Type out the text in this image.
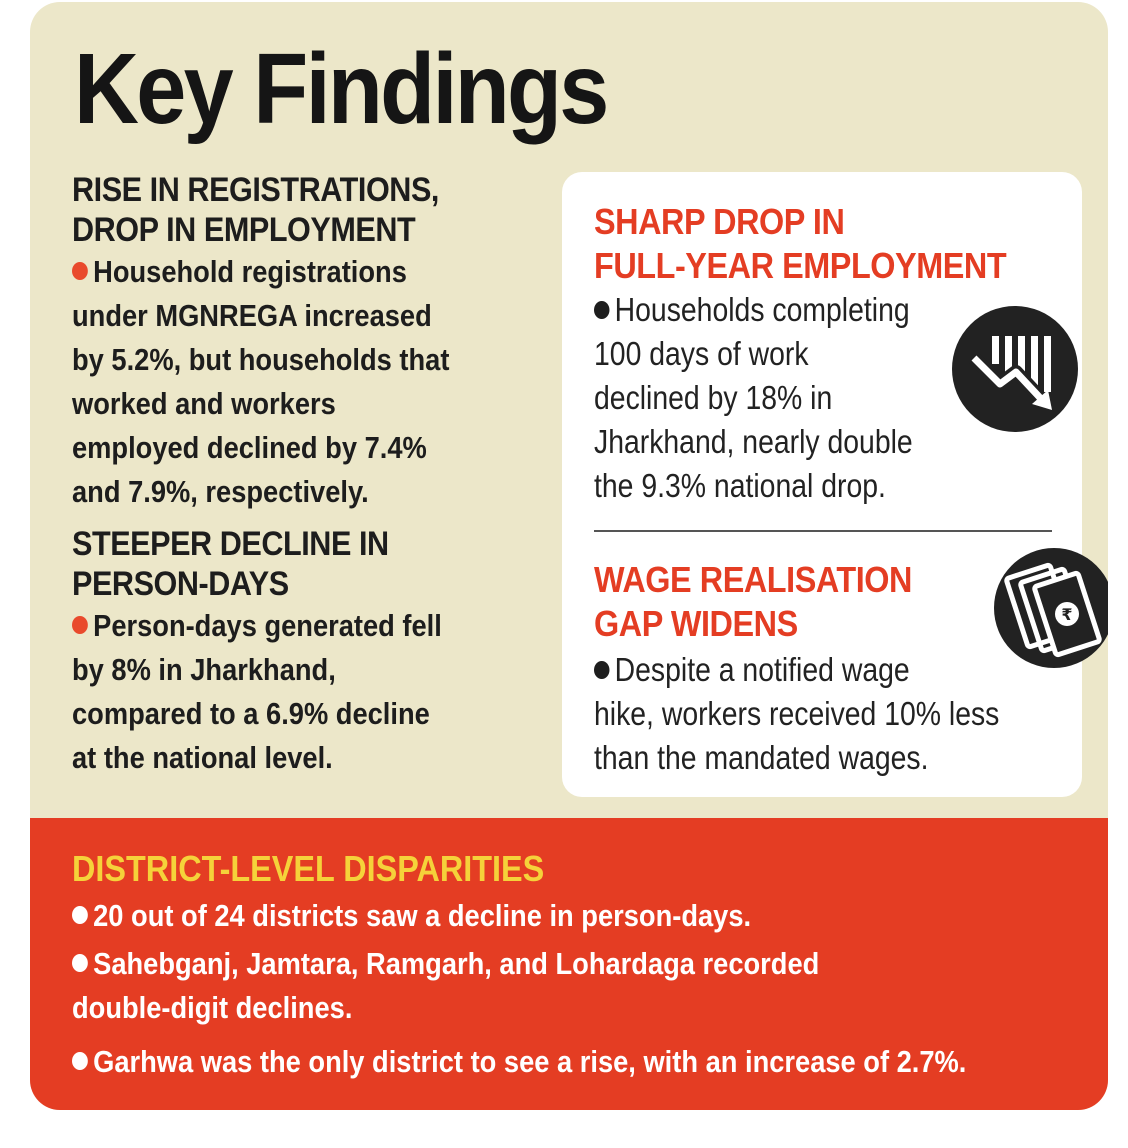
Key Findings

RISE IN REGISTRATIONS,

DROP IN EMPLOYMENT

Household registrations
under MGNREGA increased
by 5.2%, but households that
worked and workers
employed declined by 7.4%
and 7.9%, respectively.

STEEPER DECLINE IN

PERSON-DAYS

Person-days generated fell
by 8% in Jharkhand,
compared to a 6.9% decline
at the national level.

SHARP DROP IN

FULL-YEAR EMPLOYMENT

Households completing
100 days of work
declined by 18% in
Jharkhand, nearly double
the 9.3% national drop.

WAGE REALISATION

GAP WIDENS

Despite a notified wage
hike, workers received 10% less
than the mandated wages.
₹

DISTRICT-LEVEL DISPARITIES

20 out of 24 districts saw a decline in person-days.
Sahebganj, Jamtara, Ramgarh, and Lohardaga recorded
double-digit declines.
Garhwa was the only district to see a rise, with an increase of 2.7%.
